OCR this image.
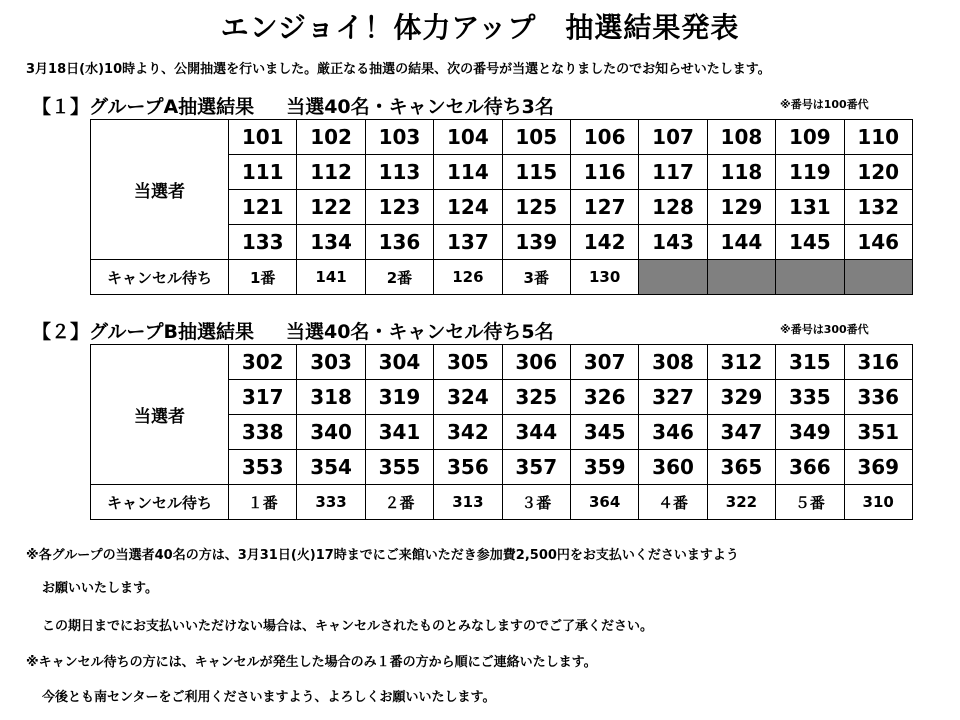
エンジョイ！体力アップ　抽選結果発表
3月18日(水)10時より、公開抽選を行いました。厳正なる抽選の結果、次の番号が当選となりましたのでお知らせいたします。
【１】グループA抽選結果 当選40名・キャンセル待ち3名	※番号は100番代
当選者	101	102	103	104	105	106	107	108	109	110
	111	112	113	114	115	116	117	118	119	120
	121	122	123	124	125	127	128	129	131	132
	133	134	136	137	139	142	143	144	145	146
キャンセル待ち	1番	141	2番	126	3番	130				
【２】グループB抽選結果 当選40名・キャンセル待ち5名	※番号は300番代
当選者	302	303	304	305	306	307	308	312	315	316
	317	318	319	324	325	326	327	329	335	336
	338	340	341	342	344	345	346	347	349	351
	353	354	355	356	357	359	360	365	366	369
キャンセル待ち	１番	333	２番	313	３番	364	４番	322	５番	310
※各グループの当選者40名の方は、3月31日(火)17時までにご来館いただき参加費2,500円をお支払いくださいますよう
お願いいたします。
この期日までにお支払いいただけない場合は、キャンセルされたものとみなしますのでご了承ください。
※キャンセル待ちの方には、キャンセルが発生した場合のみ１番の方から順にご連絡いたします。
今後とも南センターをご利用くださいますよう、よろしくお願いいたします。
